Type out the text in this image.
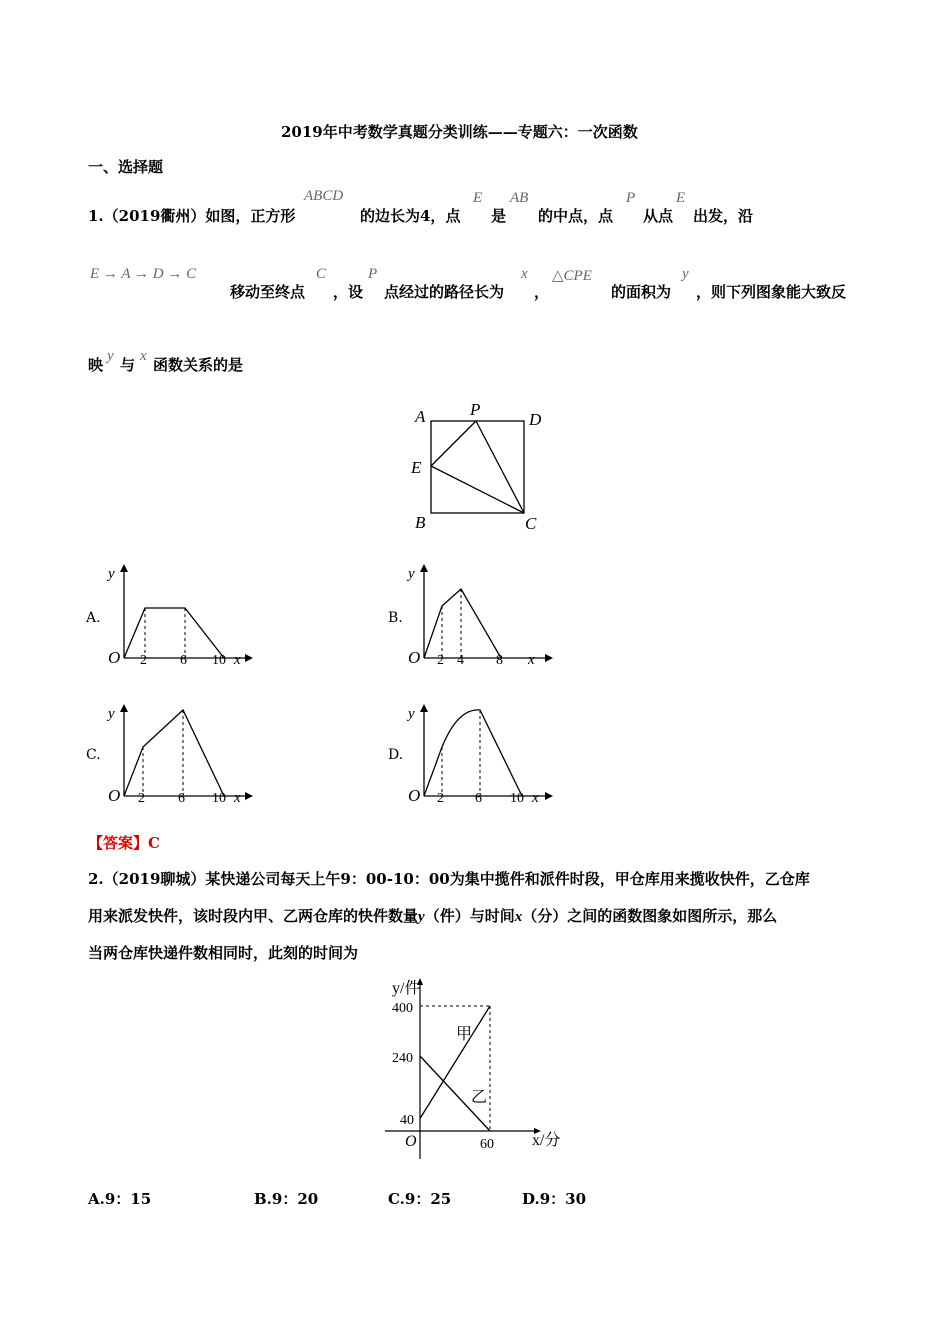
2019年中考数学真题分类训练——专题六：一次函数
一、选择题
1.（2019衢州）如图，正方形
ABCD
的边长为4，点
E
是
AB
的中点，点
P
从点
E
出发，沿
E → A → D → C
移动至终点
C
，设
P
点经过的路径长为
x
，
△CPE
的面积为
y
，则下列图象能大致反
映 y 与 x 函数关系的是
A	P
D
E
B	C
A.
y
O 2 6 10 x
B.
y
O 2 4 8 x
C.
y
O 2 6 10 x
D.
y
O 2 6 10 x
【答案】C
2.（2019聊城）某快递公司每天上午9：00-10：00为集中揽件和派件时段，甲仓库用来揽收快件，乙仓库
用来派发快件，该时段内甲、乙两仓库的快件数量y（件）与时间x（分）之间的函数图象如图所示，那么
当两仓库快递件数相同时，此刻的时间为
y/件
x/分
O
400
240
40
60
甲
乙
A.9：15	B.9：20	C.9：25	D.9：30
